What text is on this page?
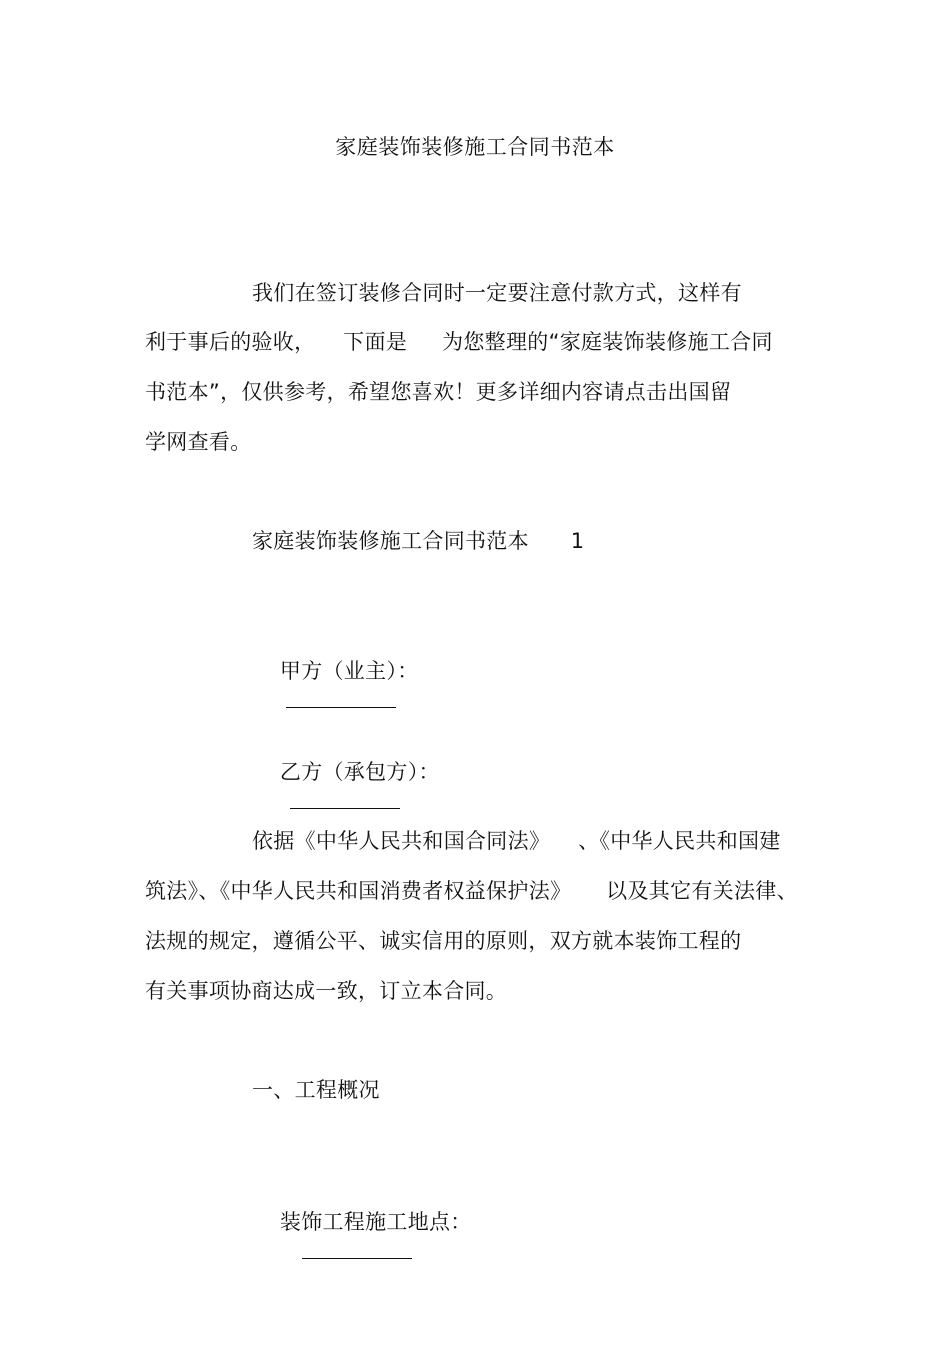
家庭装饰装修施工合同书范本
我们在签订装修合同时一定要注意付款方式，这样有
利于事后的验收，    下面是     为您整理的“家庭装饰装修施工合同
书范本”，仅供参考，希望您喜欢！更多详细内容请点击出国留
学网查看。
家庭装饰装修施工合同书范本      1

甲方（业主）：

乙方（承包方）：

依据《中华人民共和国合同法》    、《中华人民共和国建
筑法》、《中华人民共和国消费者权益保护法》     以及其它有关法律、
法规的规定，遵循公平、诚实信用的原则，双方就本装饰工程的
有关事项协商达成一致，订立本合同。
一、工程概况

装饰工程施工地点：
